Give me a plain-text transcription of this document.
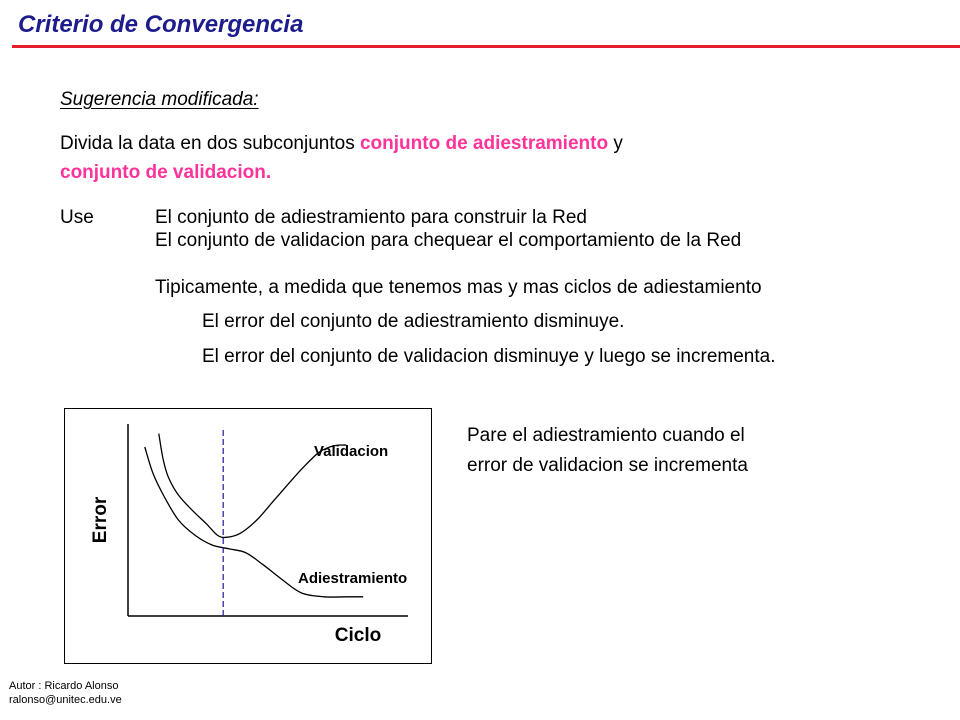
Criterio de Convergencia
Sugerencia modificada:
Divida la data en dos subconjuntos conjunto de adiestramiento y
conjunto de validacion.
Use	El conjunto de adiestramiento para construir la Red
El conjunto de validacion para chequear el comportamiento de la Red
Tipicamente, a medida que tenemos mas y mas ciclos de adiestamiento
El error del conjunto de adiestramiento disminuye.
El error del conjunto de validacion disminuye y luego se incrementa.
Validacion
Adiestramiento
Ciclo
Error
Pare el adiestramiento cuando el
error de validacion se incrementa
Autor : Ricardo Alonso
ralonso@unitec.edu.ve
